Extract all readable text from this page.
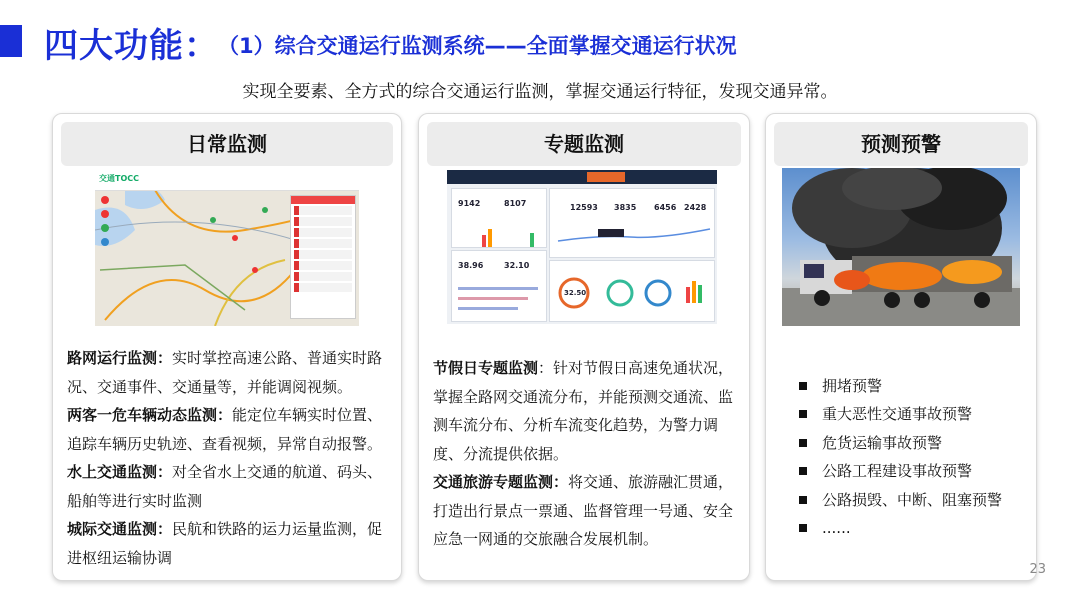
四大功能： （1）综合交通运行监测系统——全面掌握交通运行状况
实现全要素、全方式的综合交通运行监测，掌握交通运行特征，发现交通异常。
日常监测
交通TOCC

路网运行监测：实时掌控高速公路、普通实时路况、交通事件、交通量等，并能调阅视频。

两客一危车辆动态监测：能定位车辆实时位置、追踪车辆历史轨迹、查看视频，异常自动报警。

水上交通监测：对全省水上交通的航道、码头、船舶等进行实时监测

城际交通监测：民航和铁路的运力运量监测，促进枢纽运输协调

专题监测
9142	8107
38.96	32.10
12593 3835 6456 2428
32.50

节假日专题监测：针对节假日高速免通状况，掌握全路网交通流分布，并能预测交通流、监测车流分布、分析车流变化趋势，为警力调度、分流提供依据。

交通旅游专题监测：将交通、旅游融汇贯通，打造出行景点一票通、监督管理一号通、安全应急一网通的交旅融合发展机制。

预测预警
拥堵预警
重大恶性交通事故预警
危货运输事故预警
公路工程建设事故预警
公路损毁、中断、阻塞预警
......
23
